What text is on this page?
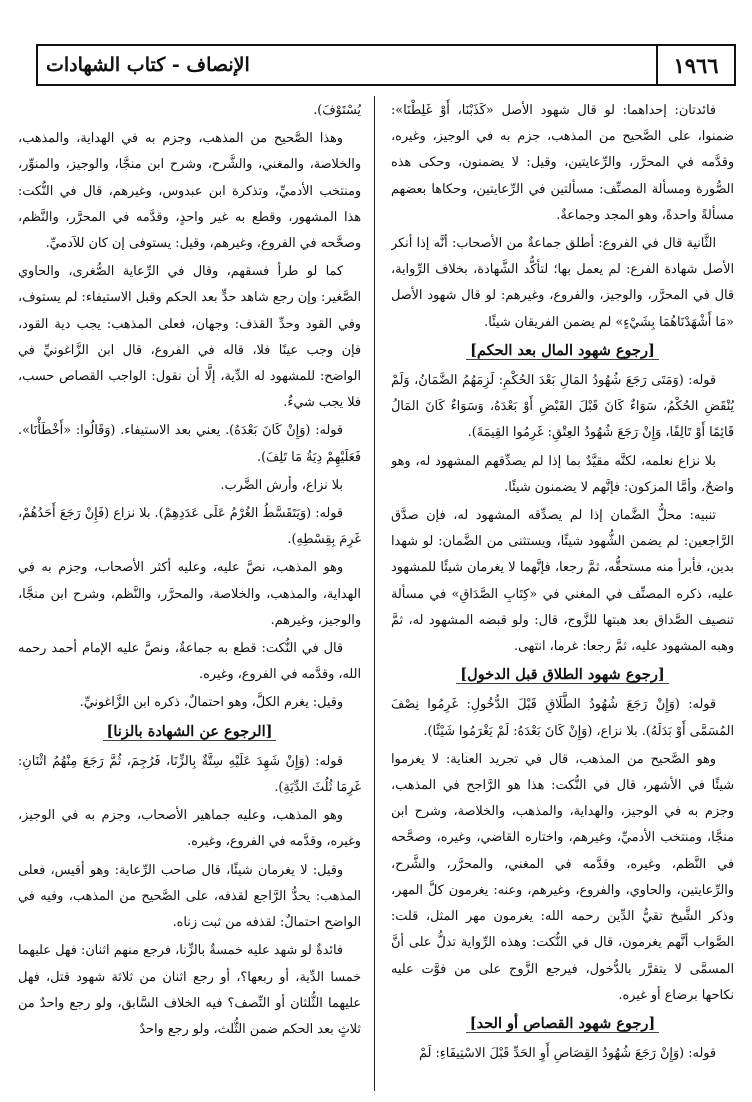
١٩٦٦
الإنصاف - كتاب الشهادات

فائدتان: إحداهما: لو قال شهود الأصل «كَذَبْنَا، أَوْ غَلِطْنَا»: ضمنوا، على الصَّحيح من المذهب، جزم به في الوجيز، وغيره، وقدَّمه في المحرَّر، والرِّعايتين، وقيل: لا يضمنون، وحكى هذه الصُّورة ومسألة المصنِّف: مسألتين في الرِّعايتين، وحكاها بعضهم مسألةً واحدةً، وهو المجد وجماعةٌ.

الثَّانية قال في الفروع: أطلق جماعةٌ من الأصحاب: أنَّه إذا أنكر الأصل شهادة الفرع: لم يعمل بها؛ لتأكُّد الشَّهادة، بخلاف الرِّواية، قال في المحرَّر، والوجيز، والفروع، وغيرهم: لو قال شهود الأصل «مَا أَشْهَدْنَاهُمَا بِشَيْءٍ» لم يضمن الفريقان شيئًا.

[رجوع شهود المال بعد الحكم]

قوله: (وَمَتَى رَجَعَ شُهُودُ المَالِ بَعْدَ الحُكْمِ: لَزِمَهُمُ الضَّمَانُ، وَلَمْ يُنْقَضِ الحُكْمُ، سَوَاءٌ كَانَ قَبْلَ القَبْضِ أَوْ بَعْدَهُ، وَسَوَاءٌ كَانَ المَالُ قَائِمًا أَوْ تَالِفًا، وَإِنْ رَجَعَ شُهُودُ العِتْقِ: غَرِمُوا القِيمَةَ).

بلا نزاع نعلمه، لكنَّه مقيَّدٌ بما إذا لم يصدِّقهم المشهود له، وهو واضحٌ، وأمَّا المزكون: فإنَّهم لا يضمنون شيئًا.

تنبيه: محلُّ الضَّمان إذا لم يصدِّقه المشهود له، فإن صدَّق الرَّاجعين: لم يضمن الشُّهود شيئًا، ويستثنى من الضَّمان: لو شهدا بدين، فأبرأ منه مستحقُّه، ثمَّ رجعا، فإنَّهما لا يغرمان شيئًا للمشهود عليه، ذكره المصنِّف في المغني في «كِتَابِ الصَّدَاقِ» في مسألة تنصيف الصَّداق بعد هبتها للزَّوج، قال: ولو قبضه المشهود له، ثمَّ وهبه المشهود عليه، ثمَّ رجعا: غرما، انتهى.

[رجوع شهود الطلاق قبل الدخول]

قوله: (وَإِنْ رَجَعَ شُهُودُ الطَّلَاقِ قَبْلَ الدُّخُولِ: غَرِمُوا نِصْفَ المُسَمَّى أَوْ بَدَلَهُ). بلا نزاع، (وَإِنْ كَانَ بَعْدَهُ: لَمْ يَغْرَمُوا شَيْئًا).

وهو الصَّحيح من المذهب، قال في تجريد العناية: لا يغرموا شيئًا في الأشهر، قال في النُّكت: هذا هو الرَّاجح في المذهب، وجزم به في الوجيز، والهداية، والمذهب، والخلاصة، وشرح ابن منجَّا، ومنتخب الأدميِّ، وغيرهم، واختاره القاضي، وغيره، وصحَّحه في النَّظم، وغيره، وقدَّمه في المغني، والمحرَّر، والشَّرح، والرِّعايتين، والحاوي، والفروع، وغيرهم، وعنه: يغرمون كلَّ المهر، وذكر الشَّيخ تقيُّ الدِّين رحمه الله: يغرمون مهر المثل، قلت: الصَّواب أنَّهم يغرمون، قال في النُّكت: وهذه الرِّواية تدلُّ على أنَّ المسمَّى لا يتقرَّر بالدُّخول، فيرجع الزَّوج على من فوَّت عليه نكاحها برضاع أو غيره.

[رجوع شهود القصاص أو الحد]

قوله: (وَإِنْ رَجَعَ شُهُودُ القِصَاصِ أَوِ الحَدِّ قَبْلَ الاسْتِيفَاءِ: لَمْ

يُسْتَوْفَ).

وهذا الصَّحيح من المذهب، وجزم به في الهداية، والمذهب، والخلاصة، والمغني، والشَّرح، وشرح ابن منجَّا، والوجيز، والمنوِّر، ومنتخب الأدميِّ، وتذكرة ابن عبدوس، وغيرهم، قال في النُّكت: هذا المشهور، وقطع به غير واحدٍ، وقدَّمه في المحرَّر، والنَّظم، وصحَّحه في الفروع، وغيرهم، وقيل: يستوفى إن كان للآدميِّ.

كما لو طرأ فسقهم، وقال في الرِّعاية الصُّغرى، والحاوي الصَّغير: وإن رجع شاهد حدٍّ بعد الحكم وقبل الاستيفاء: لم يستوف، وفي القود وحدِّ القذف: وجهان، فعلى المذهب: يجب دية القود، فإن وجب عينًا فلا، قاله في الفروع، قال ابن الزَّاغونيِّ في الواضح: للمشهود له الدِّية، إلَّا أن نقول: الواجب القصاص حسب، فلا يجب شيءٌ.

قوله: (وَإِنْ كَانَ بَعْدَهُ). يعني بعد الاستيفاء. (وَقَالُوا: «أَخْطَأْنَا». فَعَلَيْهِمْ دِيَةُ مَا تَلِفَ).

بلا نزاع، وأرش الضَّرب.

قوله: (وَيَتَقَسَّطُ الغُرْمُ عَلَى عَدَدِهِمْ). بلا نزاع (فَإِنْ رَجَعَ أَحَدُهُمْ، غَرِمَ بِقِسْطِهِ).

وهو المذهب، نصَّ عليه، وعليه أكثر الأصحاب، وجزم به في الهداية، والمذهب، والخلاصة، والمحرَّر، والنَّظم، وشرح ابن منجَّا، والوجيز، وغيرهم.

قال في النُّكت: قطع به جماعةٌ، ونصَّ عليه الإمام أحمد رحمه الله، وقدَّمه في الفروع، وغيره.

وقيل: يغرم الكلَّ، وهو احتمالٌ، ذكره ابن الزَّاغونيِّ.

[الرجوع عن الشهادة بالزنا]

قوله: (وَإِنْ شَهِدَ عَلَيْهِ سِتَّةٌ بِالزِّنَا، فَرُجِمَ، ثُمَّ رَجَعَ مِنْهُمُ اثْنَانِ: غَرِمَا ثُلُثَ الدِّيَةِ).

وهو المذهب، وعليه جماهير الأصحاب، وجزم به في الوجيز، وغيره، وقدَّمه في الفروع، وغيره.

وقيل: لا يغرمان شيئًا، قال صاحب الرِّعاية: وهو أقيس، فعلى المذهب: يحدُّ الرَّاجع لقذفه، على الصَّحيح من المذهب، وفيه في الواضح احتمالٌ: لقذفه من ثبت زناه.

فائدةٌ لو شهد عليه خمسةٌ بالزِّنا، فرجع منهم اثنان: فهل عليهما خمسا الدِّية، أو ربعها؟، أو رجع اثنان من ثلاثة شهود قتل، فهل عليهما الثُّلثان أو النِّصف؟ فيه الخلاف السَّابق، ولو رجع واحدٌ من ثلاثٍ بعد الحكم ضمن الثُّلث، ولو رجع واحدٌ
